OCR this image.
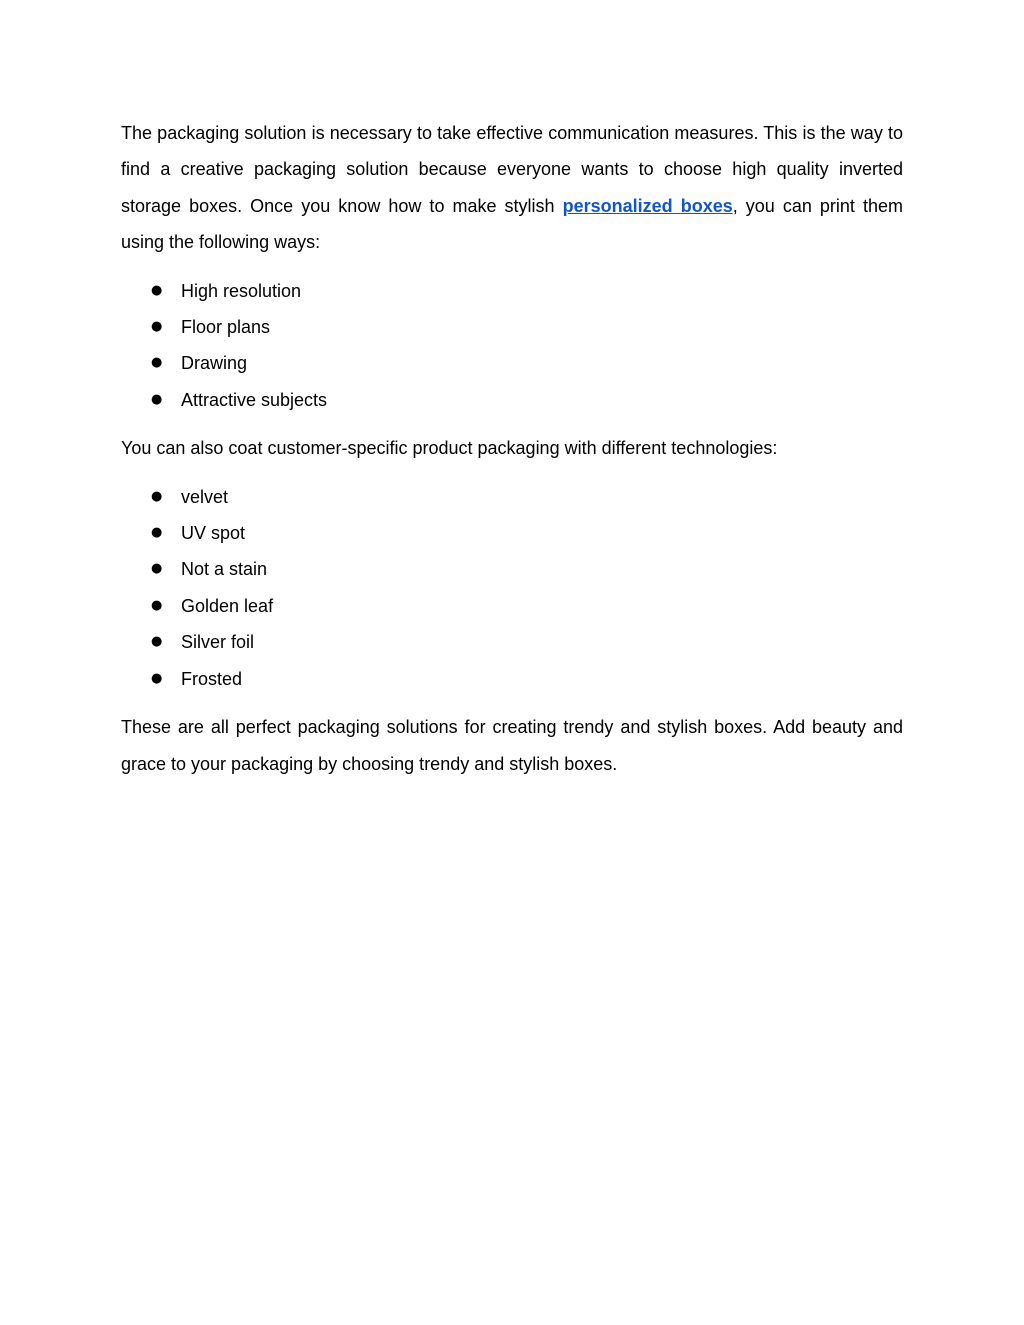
The packaging solution is necessary to take effective communication measures. This is the way to find a creative packaging solution because everyone wants to choose high quality inverted storage boxes. Once you know how to make stylish personalized boxes, you can print them using the following ways:

● High resolution
● Floor plans
● Drawing
● Attractive subjects

You can also coat customer-specific product packaging with different technologies:

● velvet
● UV spot
● Not a stain
● Golden leaf
● Silver foil
● Frosted

These are all perfect packaging solutions for creating trendy and stylish boxes. Add beauty and grace to your packaging by choosing trendy and stylish boxes.
